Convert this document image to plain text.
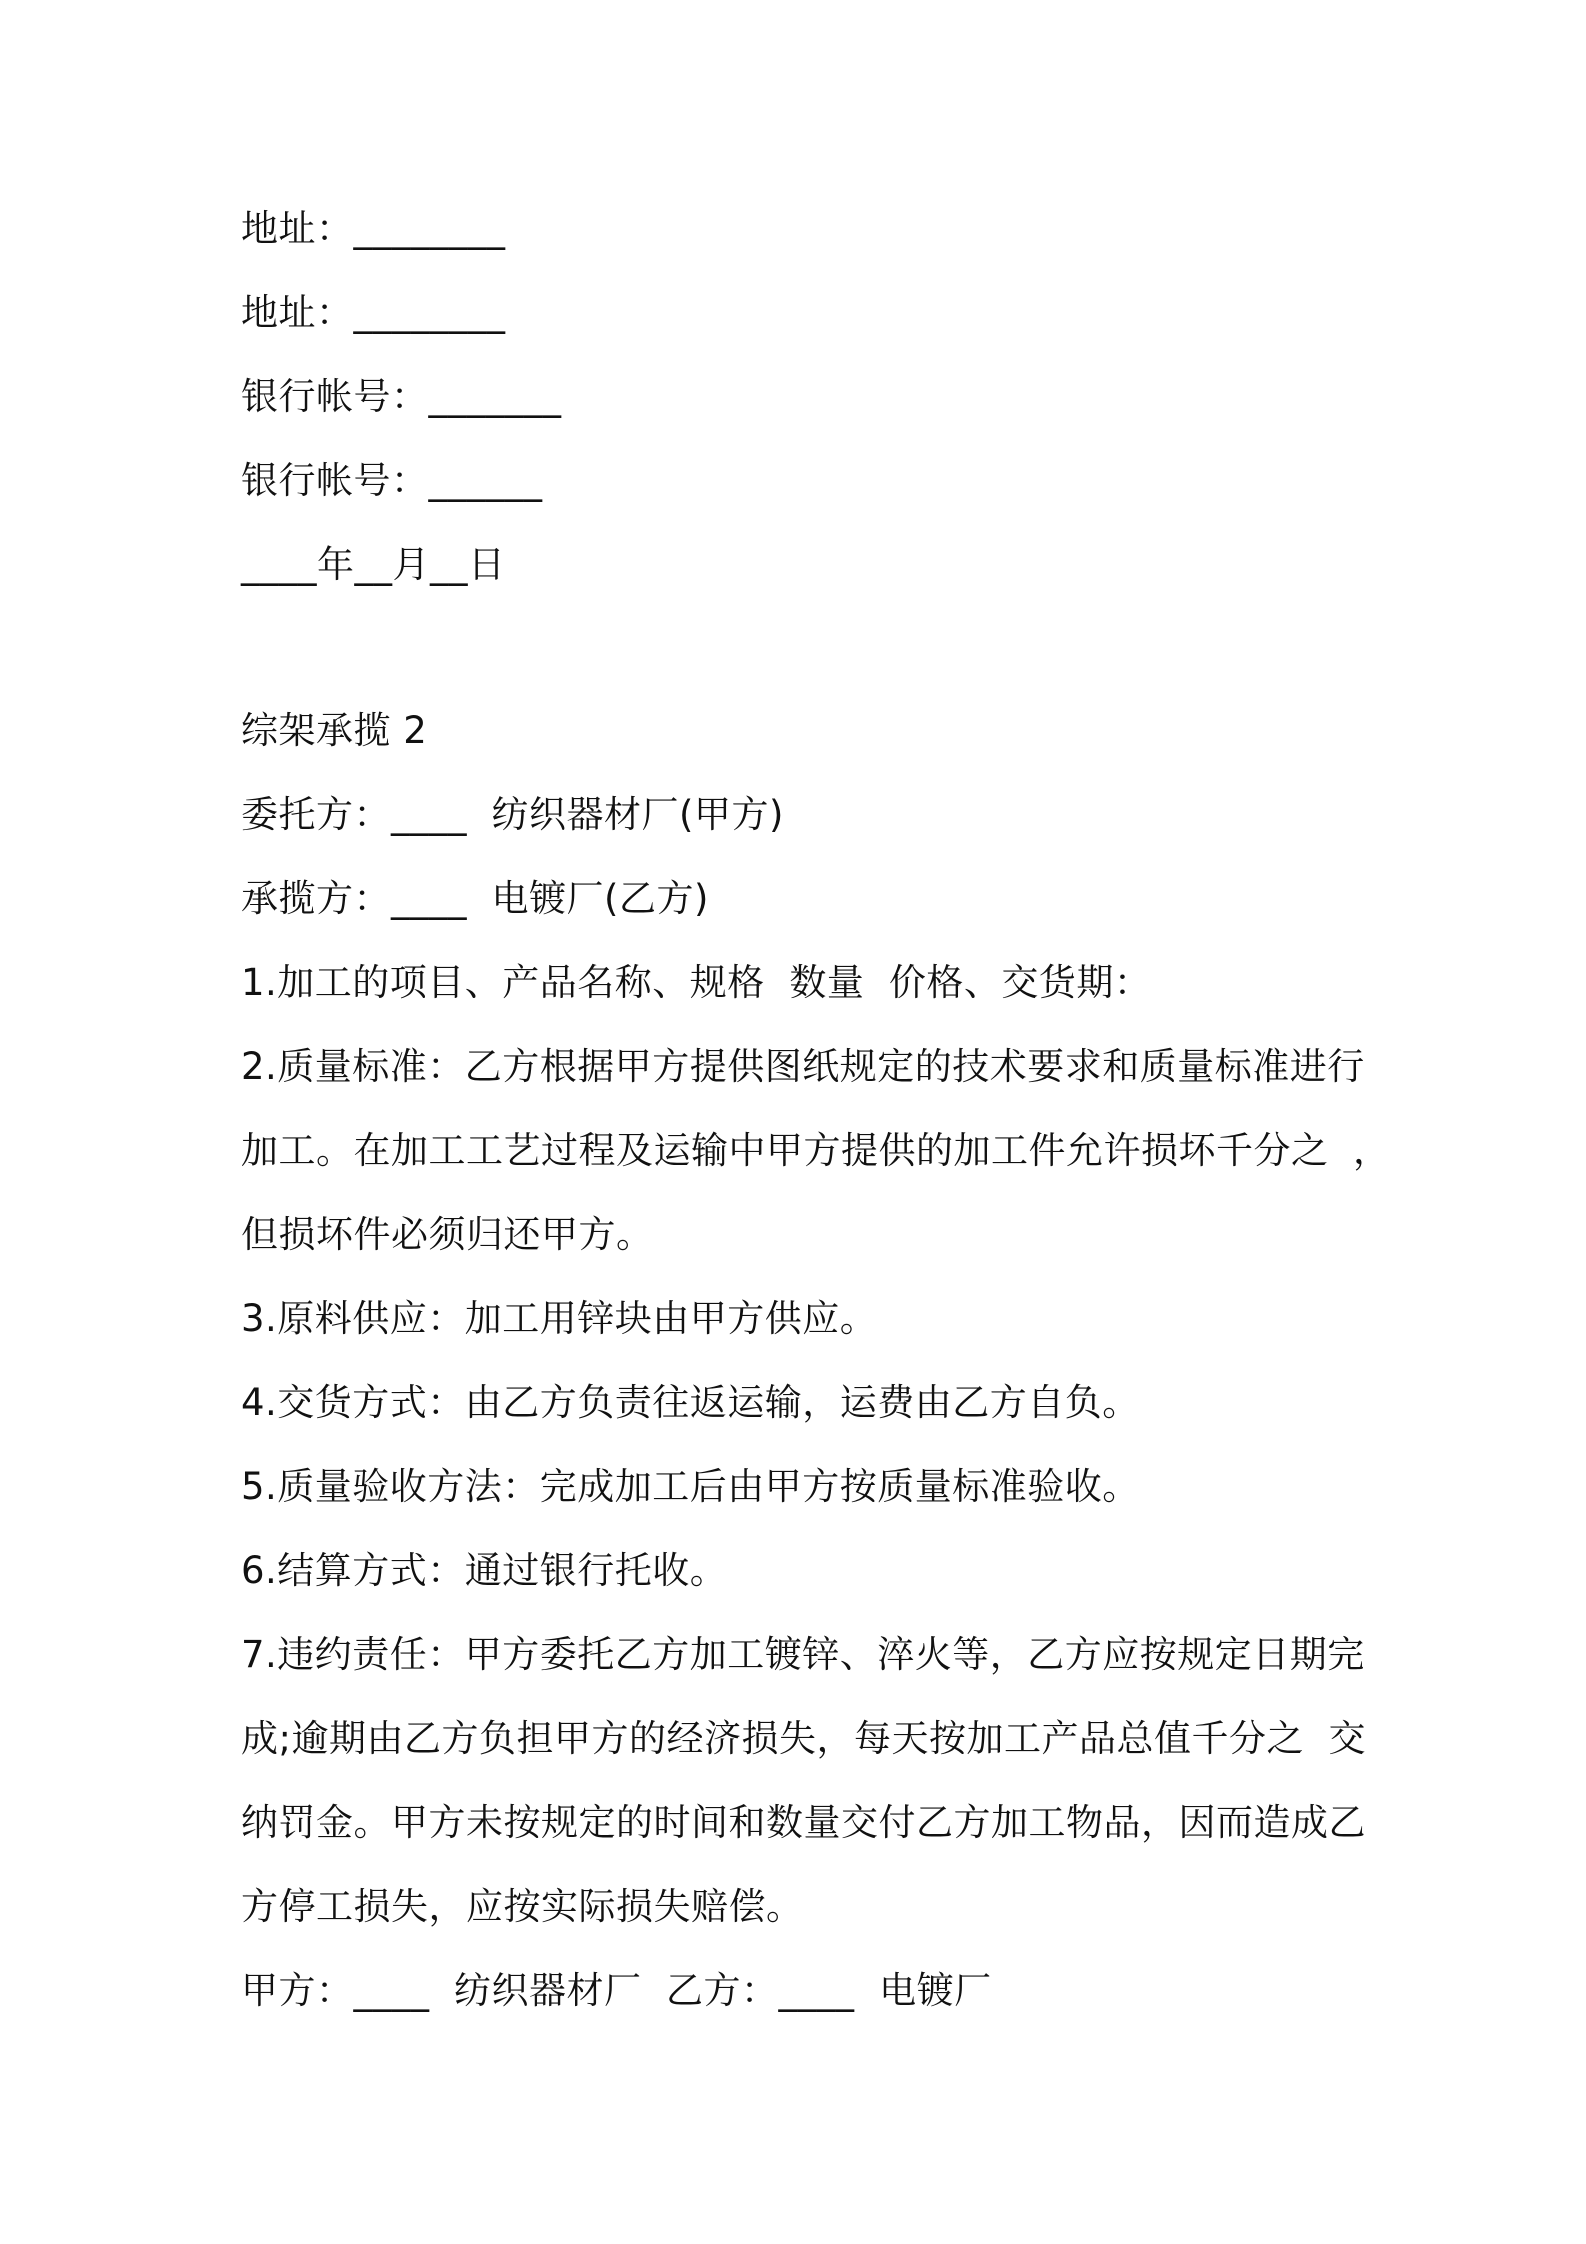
地址：________
地址：________
银行帐号：_______
银行帐号：______
____年__月__日
综架承揽 2
委托方：____  纺织器材厂(甲方)
承揽方：____  电镀厂(乙方)
1.加工的项目、产品名称、规格  数量  价格、交货期：
2.质量标准：乙方根据甲方提供图纸规定的技术要求和质量标准进行
加工。在加工工艺过程及运输中甲方提供的加工件允许损坏千分之  ，
但损坏件必须归还甲方。
3.原料供应：加工用锌块由甲方供应。
4.交货方式：由乙方负责往返运输，运费由乙方自负。
5.质量验收方法：完成加工后由甲方按质量标准验收。
6.结算方式：通过银行托收。
7.违约责任：甲方委托乙方加工镀锌、淬火等，乙方应按规定日期完
成;逾期由乙方负担甲方的经济损失，每天按加工产品总值千分之  交
纳罚金。甲方未按规定的时间和数量交付乙方加工物品，因而造成乙
方停工损失，应按实际损失赔偿。
甲方：____  纺织器材厂  乙方：____  电镀厂
